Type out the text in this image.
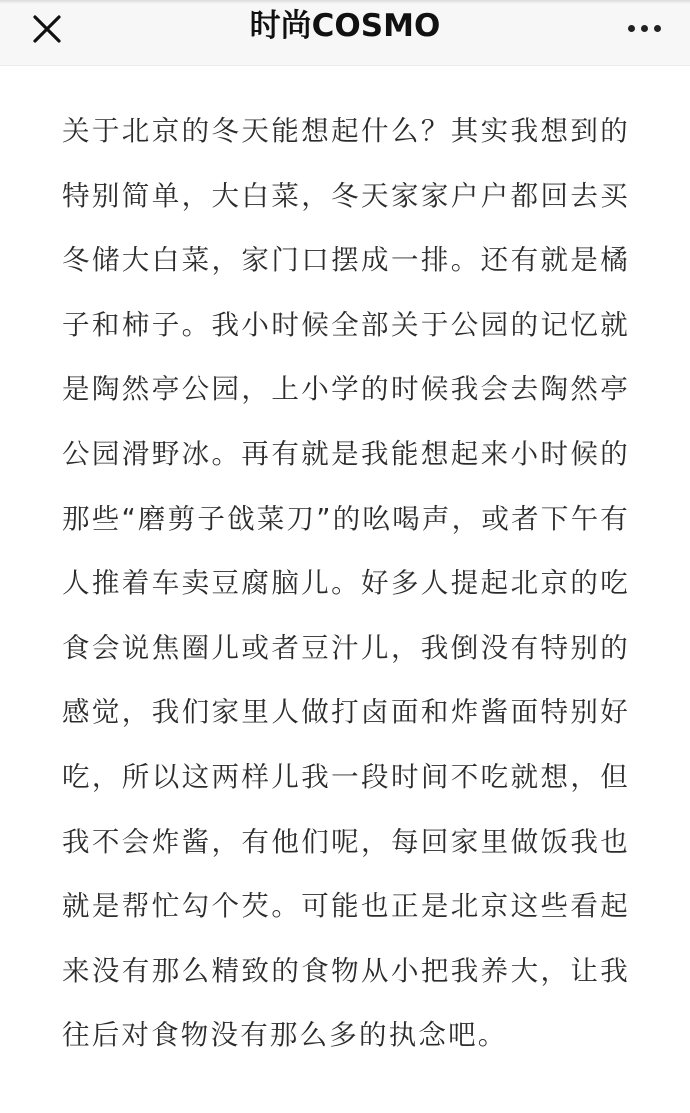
时尚COSMO

关于北京的冬天能想起什么？其实我想到的特别简单，大白菜，冬天家家户户都回去买冬储大白菜，家门口摆成一排。还有就是橘子和柿子。我小时候全部关于公园的记忆就是陶然亭公园，上小学的时候我会去陶然亭公园滑野冰。再有就是我能想起来小时候的那些“磨剪子戗菜刀”的吆喝声，或者下午有人推着车卖豆腐脑儿。好多人提起北京的吃食会说焦圈儿或者豆汁儿，我倒没有特别的感觉，我们家里人做打卤面和炸酱面特别好吃，所以这两样儿我一段时间不吃就想，但我不会炸酱，有他们呢，每回家里做饭我也就是帮忙勾个芡。可能也正是北京这些看起来没有那么精致的食物从小把我养大，让我往后对食物没有那么多的执念吧。
